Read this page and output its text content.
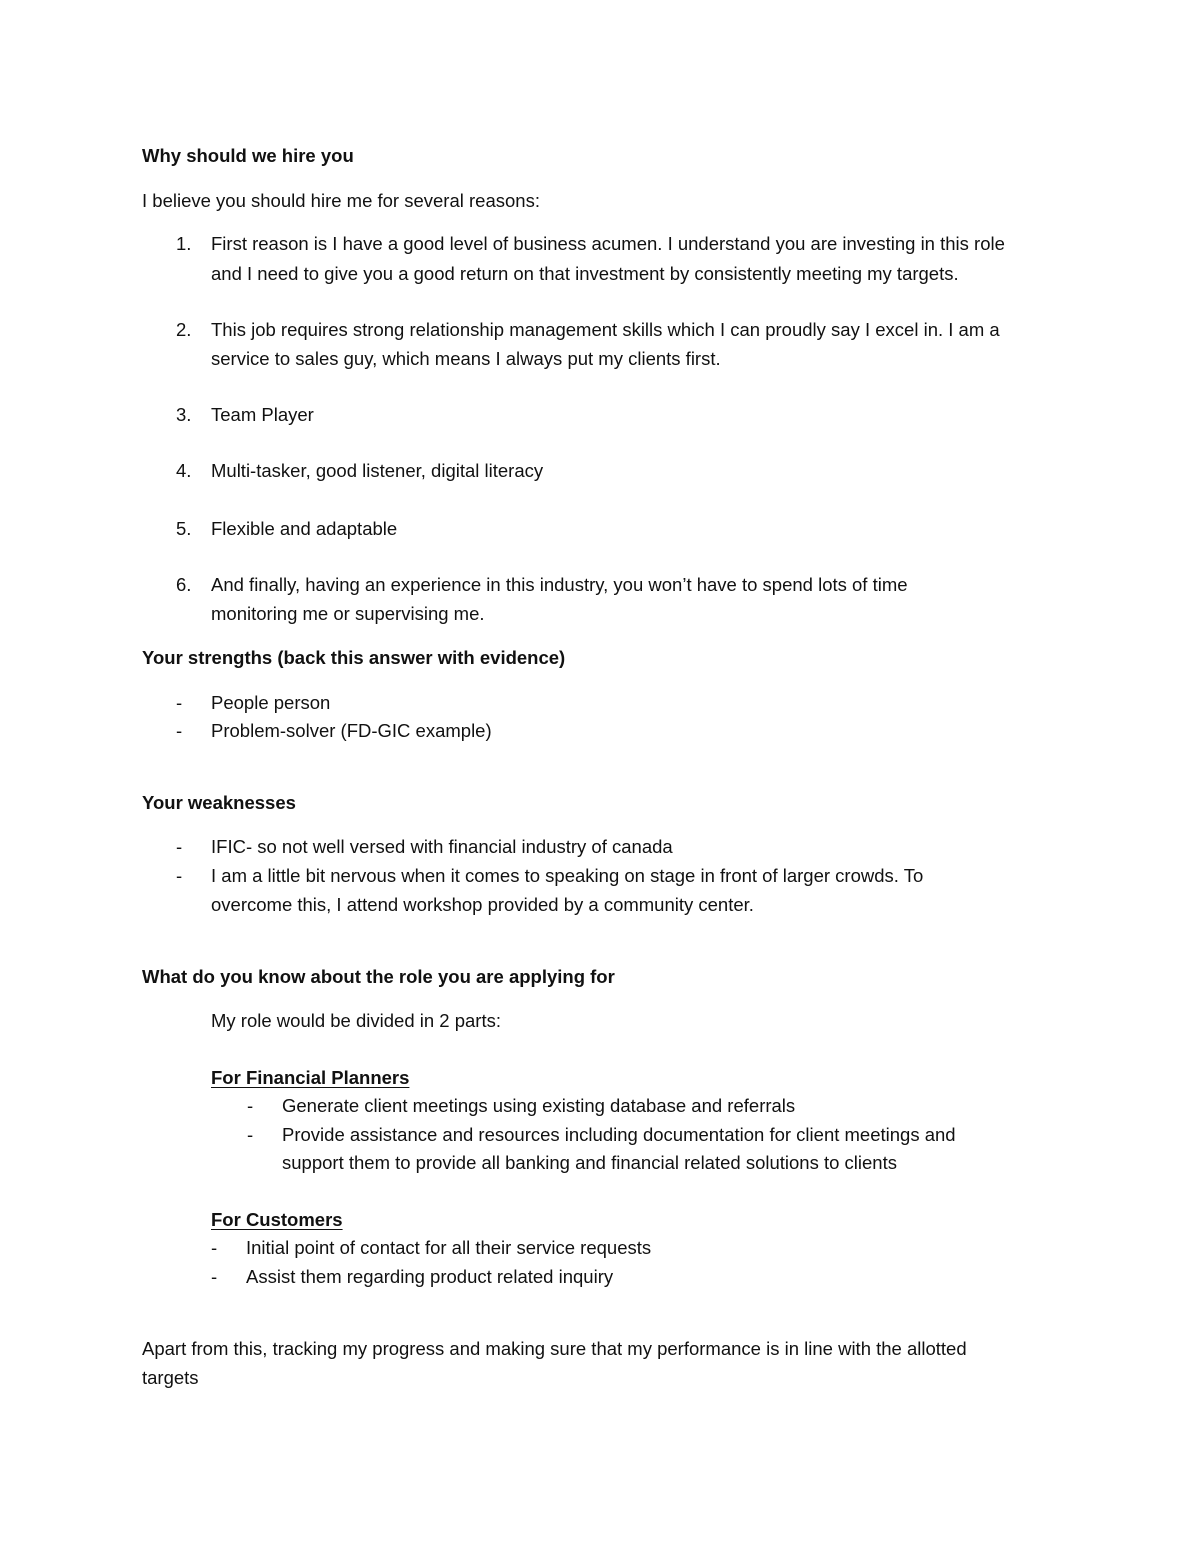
Why should we hire you
I believe you should hire me for several reasons:
1. First reason is I have a good level of business acumen. I understand you are investing in this role
and I need to give you a good return on that investment by consistently meeting my targets.
2. This job requires strong relationship management skills which I can proudly say I excel in. I am a
service to sales guy, which means I always put my clients first.
3. Team Player
4. Multi-tasker, good listener, digital literacy
5. Flexible and adaptable
6. And finally, having an experience in this industry, you won’t have to spend lots of time
monitoring me or supervising me.
Your strengths (back this answer with evidence)
- People person
- Problem-solver (FD-GIC example)
Your weaknesses
- IFIC- so not well versed with financial industry of canada
- I am a little bit nervous when it comes to speaking on stage in front of larger crowds. To
overcome this, I attend workshop provided by a community center.
What do you know about the role you are applying for
My role would be divided in 2 parts:
For Financial Planners
- Generate client meetings using existing database and referrals
- Provide assistance and resources including documentation for client meetings and
support them to provide all banking and financial related solutions to clients
For Customers
- Initial point of contact for all their service requests
- Assist them regarding product related inquiry
Apart from this, tracking my progress and making sure that my performance is in line with the allotted
targets
